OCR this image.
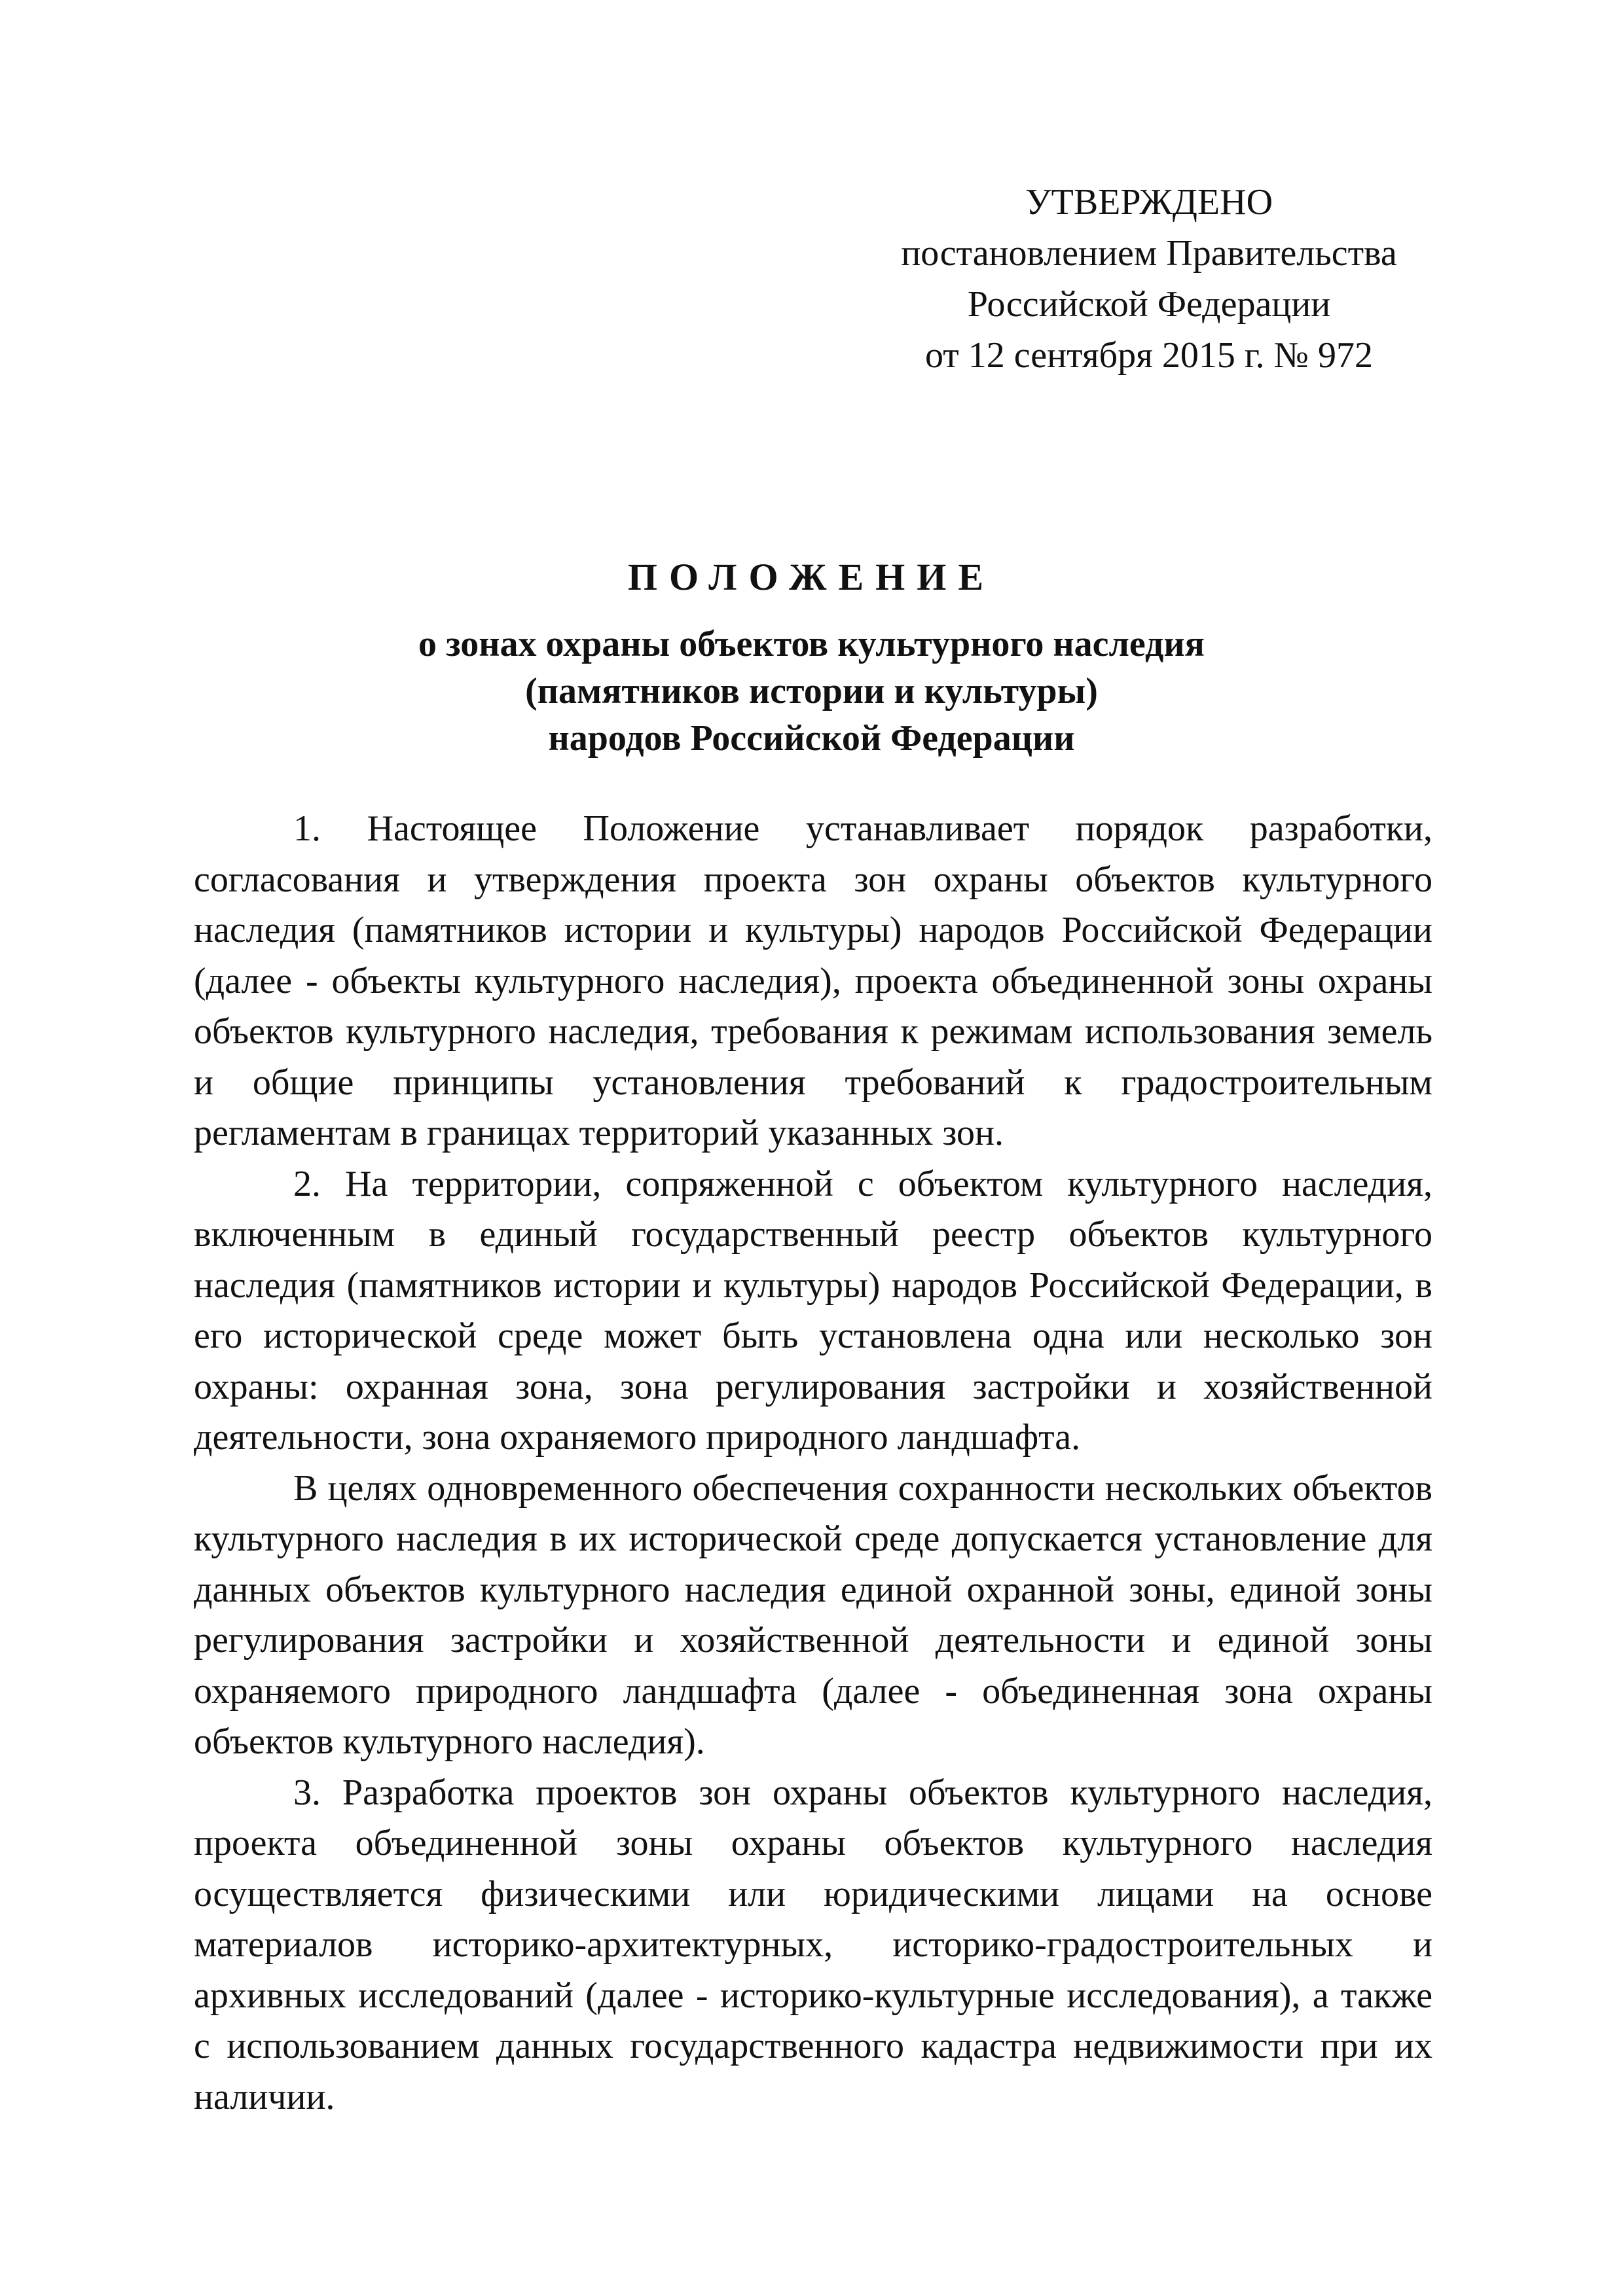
УТВЕРЖДЕНО
постановлением Правительства
Российской Федерации
от 12 сентября 2015 г. № 972
ПОЛОЖЕНИЕ
о зонах охраны объектов культурного наследия
(памятников истории и культуры)
народов Российской Федерации

1. Настоящее Положение устанавливает порядок разработки, согласования и утверждения проекта зон охраны объектов культурного наследия (памятников истории и культуры) народов Российской Федерации (далее - объекты культурного наследия), проекта объединенной зоны охраны объектов культурного наследия, требования к режимам использования земель и общие принципы установления требований к градостроительным регламентам в границах территорий указанных зон.

2. На территории, сопряженной с объектом культурного наследия, включенным в единый государственный реестр объектов культурного наследия (памятников истории и культуры) народов Российской Федерации, в его исторической среде может быть установлена одна или несколько зон охраны: охранная зона, зона регулирования застройки и хозяйственной деятельности, зона охраняемого природного ландшафта.

В целях одновременного обеспечения сохранности нескольких объектов культурного наследия в их исторической среде допускается установление для данных объектов культурного наследия единой охранной зоны, единой зоны регулирования застройки и хозяйственной деятельности и единой зоны охраняемого природного ландшафта (далее - объединенная зона охраны объектов культурного наследия).

3. Разработка проектов зон охраны объектов культурного наследия, проекта объединенной зоны охраны объектов культурного наследия осуществляется физическими или юридическими лицами на основе материалов историко-архитектурных, историко-градостроительных и архивных исследований (далее - историко-культурные исследования), а также с использованием данных государственного кадастра недвижимости при их наличии.
